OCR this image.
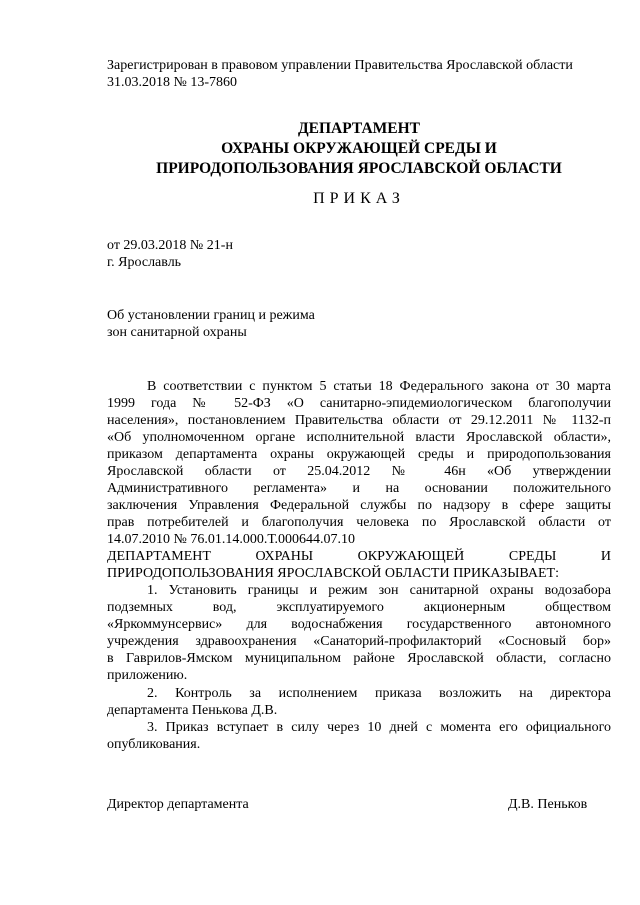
Зарегистрирован в правовом управлении Правительства Ярославской области
31.03.2018 № 13-7860
ДЕПАРТАМЕНТ
ОХРАНЫ ОКРУЖАЮЩЕЙ СРЕДЫ И
ПРИРОДОПОЛЬЗОВАНИЯ ЯРОСЛАВСКОЙ ОБЛАСТИ
ПРИКАЗ
от 29.03.2018 № 21-н
г. Ярославль
Об установлении границ и режима
зон санитарной охраны
В соответствии с пунктом 5 статьи 18 Федерального закона от 30 марта
1999 года № 52-ФЗ «О санитарно-эпидемиологическом благополучии
населения», постановлением Правительства области от 29.12.2011 № 1132-п
«Об уполномоченном органе исполнительной власти Ярославской области»,
приказом департамента охраны окружающей среды и природопользования
Ярославской области от 25.04.2012 № 46н «Об утверждении
Административного регламента» и на основании положительного
заключения Управления Федеральной службы по надзору в сфере защиты
прав потребителей и благополучия человека по Ярославской области от
14.07.2010 № 76.01.14.000.Т.000644.07.10
ДЕПАРТАМЕНТ ОХРАНЫ ОКРУЖАЮЩЕЙ СРЕДЫ И
ПРИРОДОПОЛЬЗОВАНИЯ ЯРОСЛАВСКОЙ ОБЛАСТИ ПРИКАЗЫВАЕТ:
1. Установить границы и режим зон санитарной охраны водозабора
подземных вод, эксплуатируемого акционерным обществом
«Яркоммунсервис» для водоснабжения государственного автономного
учреждения здравоохранения «Санаторий-профилакторий «Сосновый бор»
в Гаврилов-Ямском муниципальном районе Ярославской области, согласно
приложению.
2. Контроль за исполнением приказа возложить на директора
департамента Пенькова Д.В.
3. Приказ вступает в силу через 10 дней с момента его официального
опубликования.
Директор департамента	Д.В. Пеньков
